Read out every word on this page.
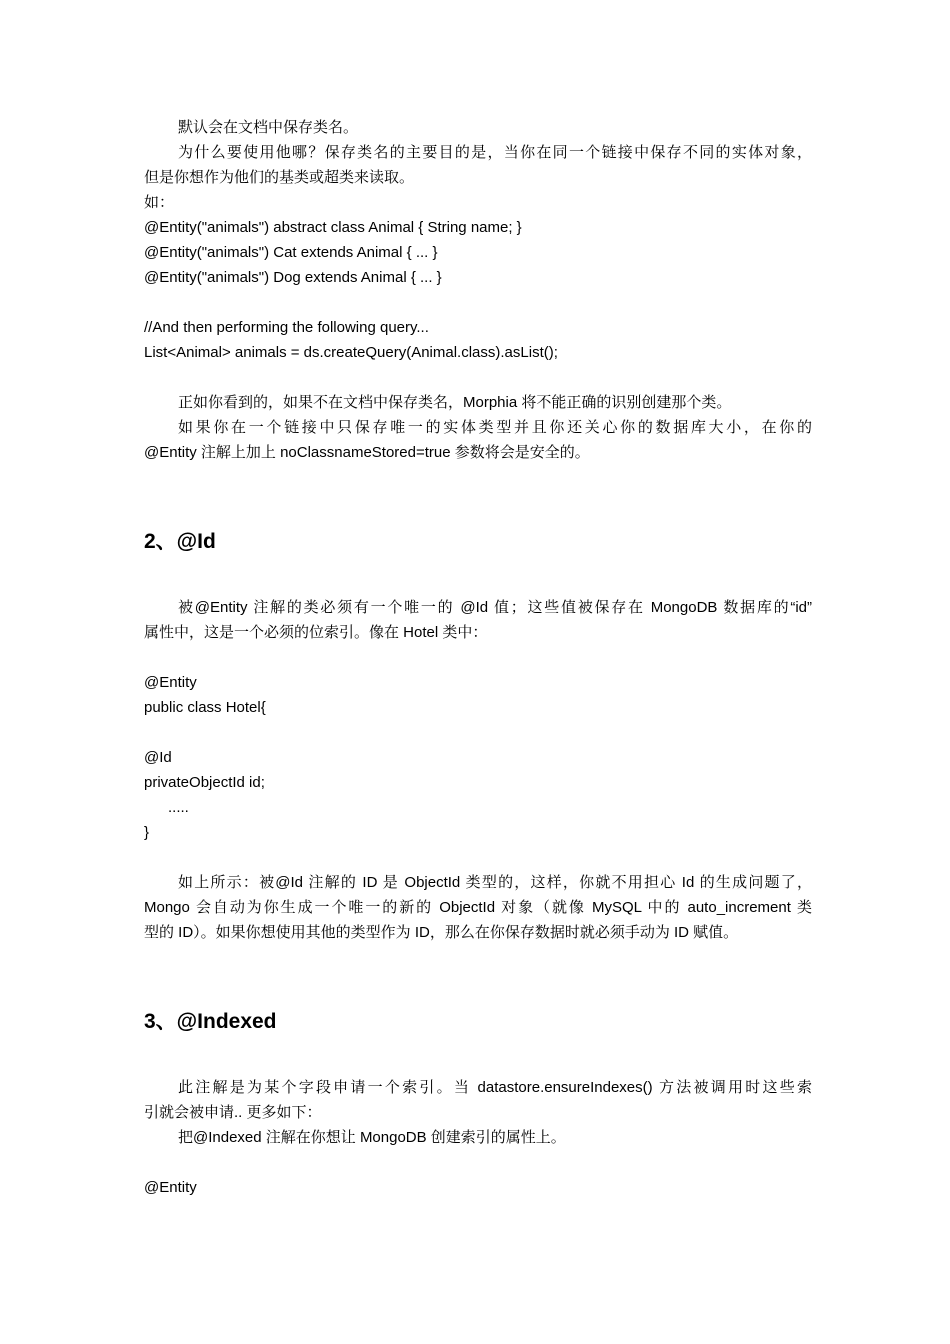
默认会在文档中保存类名。
为什么要使用他哪？保存类名的主要目的是，当你在同一个链接中保存不同的实体对象，
但是你想作为他们的基类或超类来读取。
如：
@Entity("animals") abstract class Animal { String name; }
@Entity("animals") Cat extends Animal { ... }
@Entity("animals") Dog extends Animal { ... }
//And then performing the following query...
List<Animal> animals = ds.createQuery(Animal.class).asList();
正如你看到的，如果不在文档中保存类名，Morphia 将不能正确的识别创建那个类。
如果你在一个链接中只保存唯一的实体类型并且你还关心你的数据库大小，在你的
@Entity 注解上加上 noClassnameStored=true 参数将会是安全的。
2、@Id
被@Entity 注解的类必须有一个唯一的 @Id 值；这些值被保存在 MongoDB 数据库的“id”
属性中，这是一个必须的位索引。像在 Hotel 类中：
@Entity
public class Hotel{
@Id
privateObjectId id;
.....
}
如上所示：被@Id 注解的 ID 是 ObjectId 类型的，这样，你就不用担心 Id 的生成问题了，
Mongo 会自动为你生成一个唯一的新的 ObjectId 对象（就像 MySQL 中的 auto_increment 类
型的 ID）。如果你想使用其他的类型作为 ID，那么在你保存数据时就必须手动为 ID 赋值。
3、@Indexed
此注解是为某个字段申请一个索引。当 datastore.ensureIndexes() 方法被调用时这些索
引就会被申请.. 更多如下：
把@Indexed 注解在你想让 MongoDB 创建索引的属性上。
@Entity
